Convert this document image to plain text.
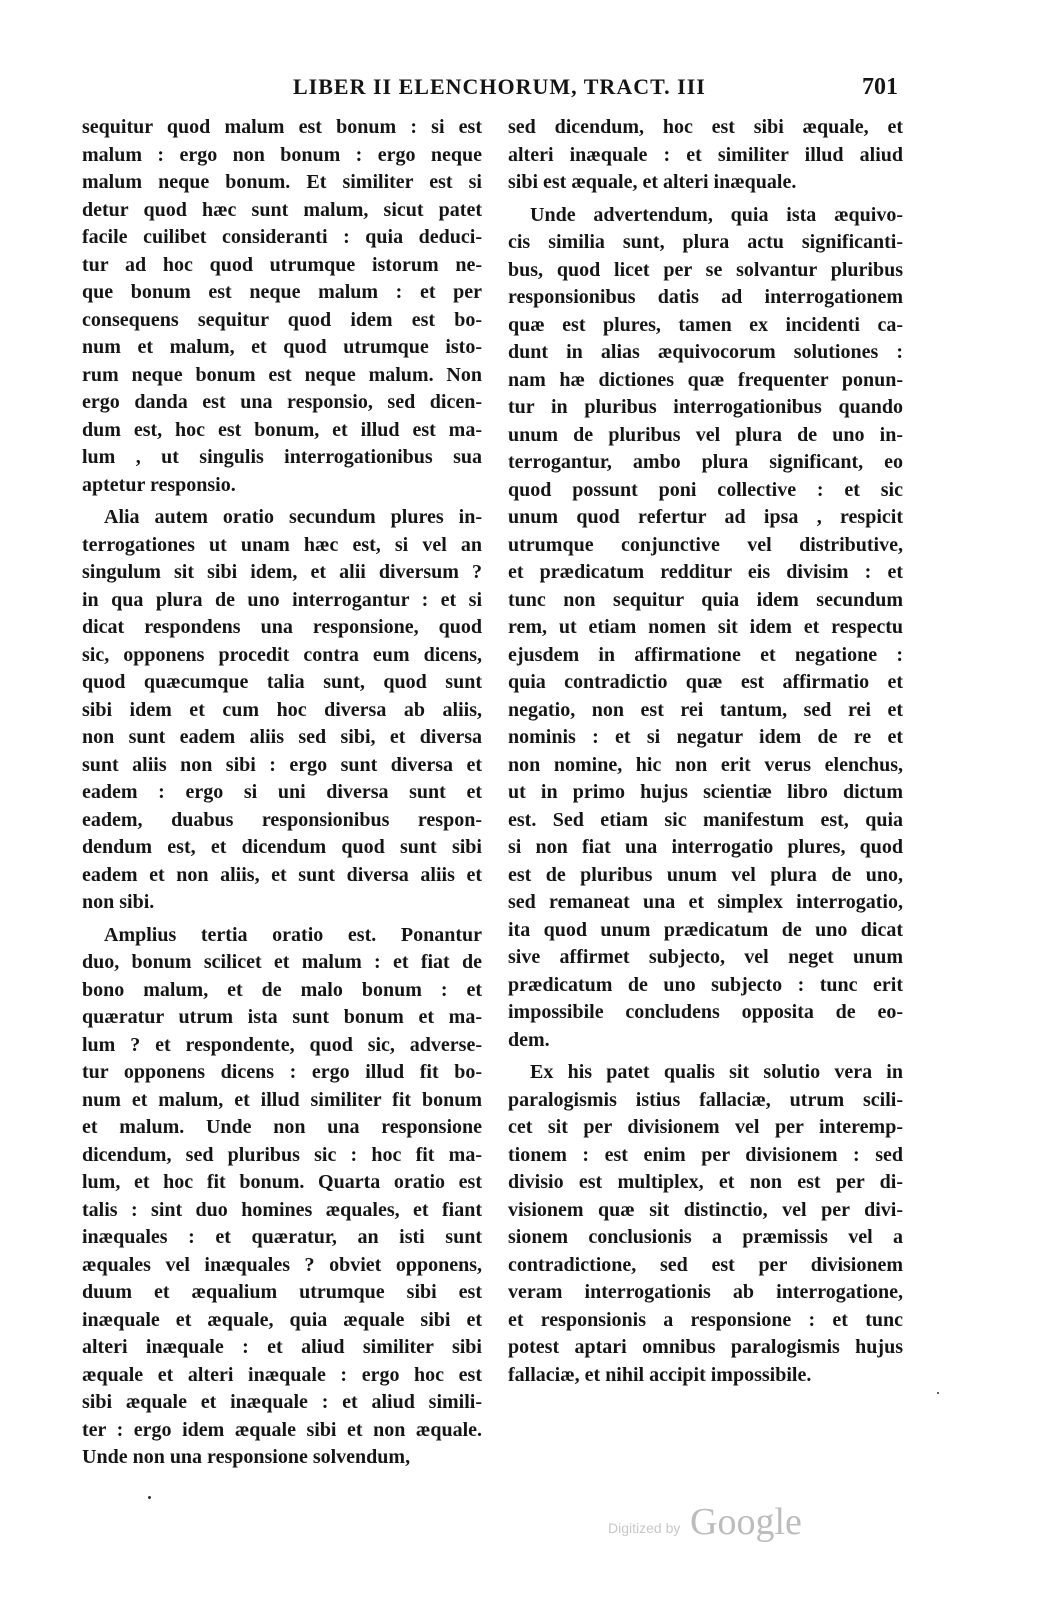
LIBER II ELENCHORUM, TRACT. III	701
sequitur quod malum est bonum : si est
malum : ergo non bonum : ergo neque
malum neque bonum. Et similiter est si
detur quod hæc sunt malum, sicut patet
facile cuilibet consideranti : quia deduci-
tur ad hoc quod utrumque istorum ne-
que bonum est neque malum : et per
consequens sequitur quod idem est bo-
num et malum, et quod utrumque isto-
rum neque bonum est neque malum. Non
ergo danda est una responsio, sed dicen-
dum est, hoc est bonum, et illud est ma-
lum , ut singulis interrogationibus sua
aptetur responsio.
Alia autem oratio secundum plures in-
terrogationes ut unam hæc est, si vel an
singulum sit sibi idem, et alii diversum ?
in qua plura de uno interrogantur : et si
dicat respondens una responsione, quod
sic, opponens procedit contra eum dicens,
quod quæcumque talia sunt, quod sunt
sibi idem et cum hoc diversa ab aliis,
non sunt eadem aliis sed sibi, et diversa
sunt aliis non sibi : ergo sunt diversa et
eadem : ergo si uni diversa sunt et
eadem, duabus responsionibus respon-
dendum est, et dicendum quod sunt sibi
eadem et non aliis, et sunt diversa aliis et
non sibi.
Amplius tertia oratio est. Ponantur
duo, bonum scilicet et malum : et fiat de
bono malum, et de malo bonum : et
quæratur utrum ista sunt bonum et ma-
lum ? et respondente, quod sic, adverse-
tur opponens dicens : ergo illud fit bo-
num et malum, et illud similiter fit bonum
et malum. Unde non una responsione
dicendum, sed pluribus sic : hoc fit ma-
lum, et hoc fit bonum. Quarta oratio est
talis : sint duo homines æquales, et fiant
inæquales : et quæratur, an isti sunt
æquales vel inæquales ? obviet opponens,
duum et æqualium utrumque sibi est
inæquale et æquale, quia æquale sibi et
alteri inæquale : et aliud similiter sibi
æquale et alteri inæquale : ergo hoc est
sibi æquale et inæquale : et aliud simili-
ter : ergo idem æquale sibi et non æquale.
Unde non una responsione solvendum,
sed dicendum, hoc est sibi æquale, et
alteri inæquale : et similiter illud aliud
sibi est æquale, et alteri inæquale.
Unde advertendum, quia ista æquivo-
cis similia sunt, plura actu significanti-
bus, quod licet per se solvantur pluribus
responsionibus datis ad interrogationem
quæ est plures, tamen ex incidenti ca-
dunt in alias æquivocorum solutiones :
nam hæ dictiones quæ frequenter ponun-
tur in pluribus interrogationibus quando
unum de pluribus vel plura de uno in-
terrogantur, ambo plura significant, eo
quod possunt poni collective : et sic
unum quod refertur ad ipsa , respicit
utrumque conjunctive vel distributive,
et prædicatum redditur eis divisim : et
tunc non sequitur quia idem secundum
rem, ut etiam nomen sit idem et respectu
ejusdem in affirmatione et negatione :
quia contradictio quæ est affirmatio et
negatio, non est rei tantum, sed rei et
nominis : et si negatur idem de re et
non nomine, hic non erit verus elenchus,
ut in primo hujus scientiæ libro dictum
est. Sed etiam sic manifestum est, quia
si non fiat una interrogatio plures, quod
est de pluribus unum vel plura de uno,
sed remaneat una et simplex interrogatio,
ita quod unum prædicatum de uno dicat
sive affirmet subjecto, vel neget unum
prædicatum de uno subjecto : tunc erit
impossibile concludens opposita de eo-
dem.
Ex his patet qualis sit solutio vera in
paralogismis istius fallaciæ, utrum scili-
cet sit per divisionem vel per interemp-
tionem : est enim per divisionem : sed
divisio est multiplex, et non est per di-
visionem quæ sit distinctio, vel per divi-
sionem conclusionis a præmissis vel a
contradictione, sed est per divisionem
veram interrogationis ab interrogatione,
et responsionis a responsione : et tunc
potest aptari omnibus paralogismis hujus
fallaciæ, et nihil accipit impossibile.
Digitized by Google
